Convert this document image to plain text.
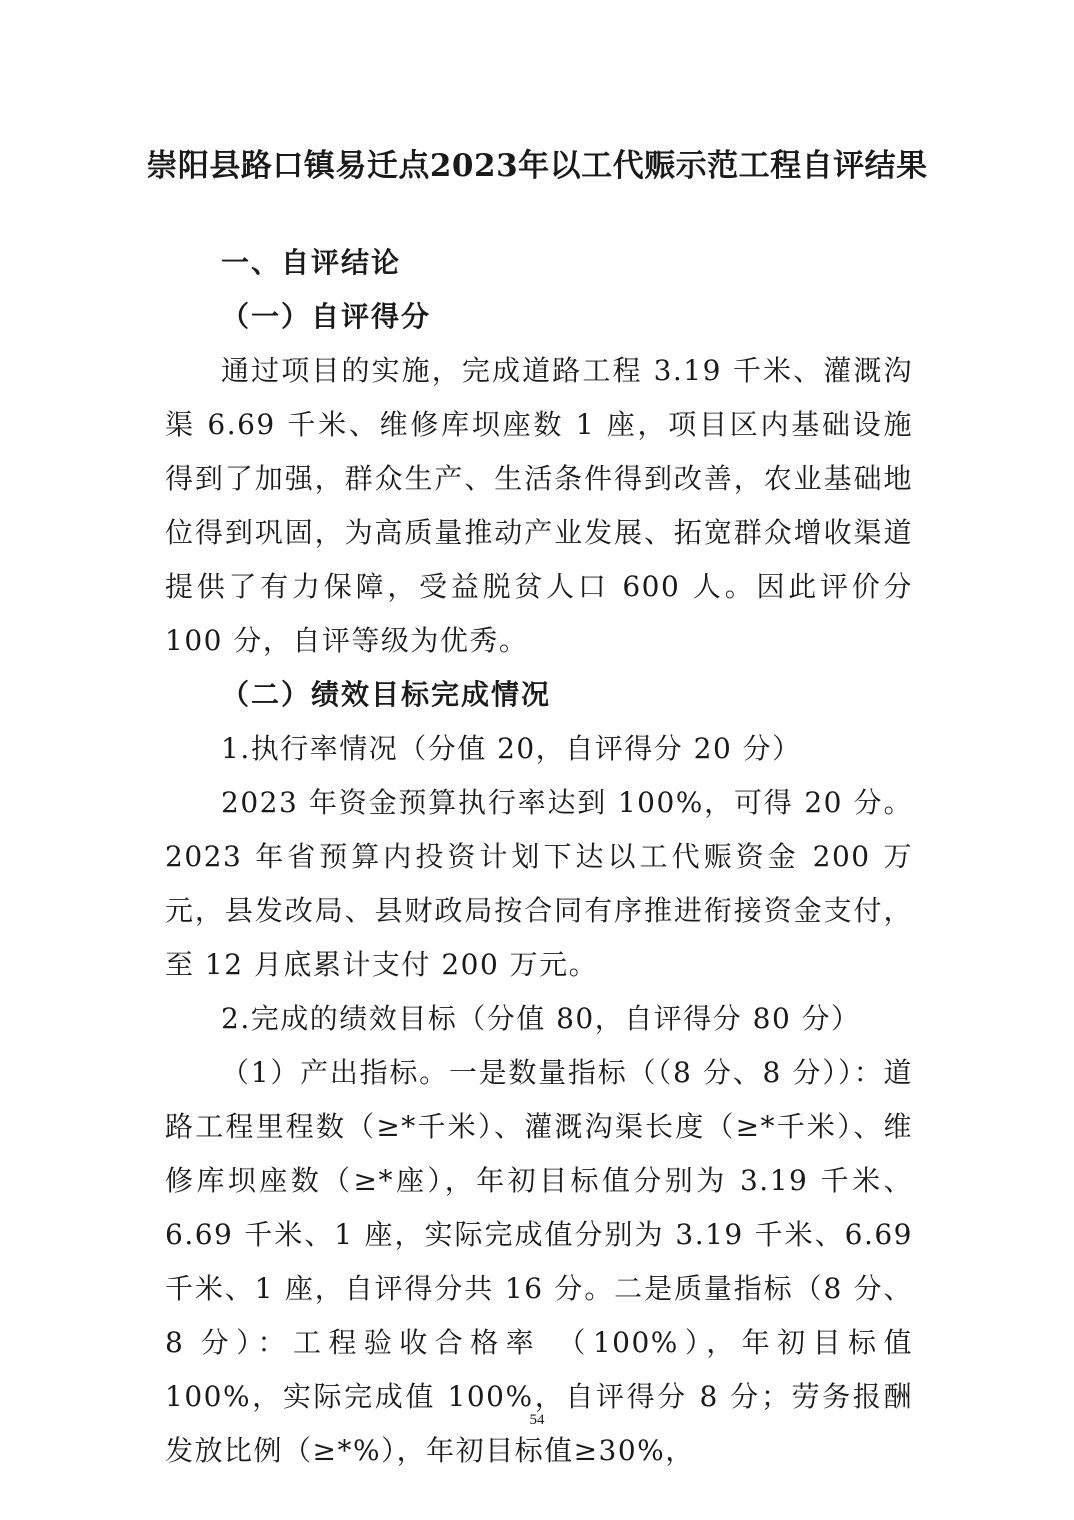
崇阳县路口镇易迁点2023年以工代赈示范工程自评结果

一、自评结论

（一）自评得分

通过项目的实施，完成道路工程 3.19 千米、灌溉沟渠 6.69 千米、维修库坝座数 1 座，项目区内基础设施得到了加强，群众生产、生活条件得到改善，农业基础地位得到巩固，为高质量推动产业发展、拓宽群众增收渠道提供了有力保障，受益脱贫人口 600 人。因此评价分 100 分，自评等级为优秀。

（二）绩效目标完成情况

1.执行率情况（分值 20，自评得分 20 分）

2023 年资金预算执行率达到 100%，可得 20 分。2023 年省预算内投资计划下达以工代赈资金 200 万元，县发改局、县财政局按合同有序推进衔接资金支付，至 12 月底累计支付 200 万元。

2.完成的绩效目标（分值 80，自评得分 80 分）

（1）产出指标。一是数量指标（（8 分、8 分））：道路工程里程数（≥*千米）、灌溉沟渠长度（≥*千米）、维修库坝座数（≥*座），年初目标值分别为 3.19 千米、6.69 千米、1 座，实际完成值分别为 3.19 千米、6.69 千米、1 座，自评得分共 16 分。二是质量指标（8 分、8 分）：工程验收合格率 （100%），年初目标值 100%，实际完成值 100%，自评得分 8 分；劳务报酬发放比例（≥*%），年初目标值≥30%，

54
